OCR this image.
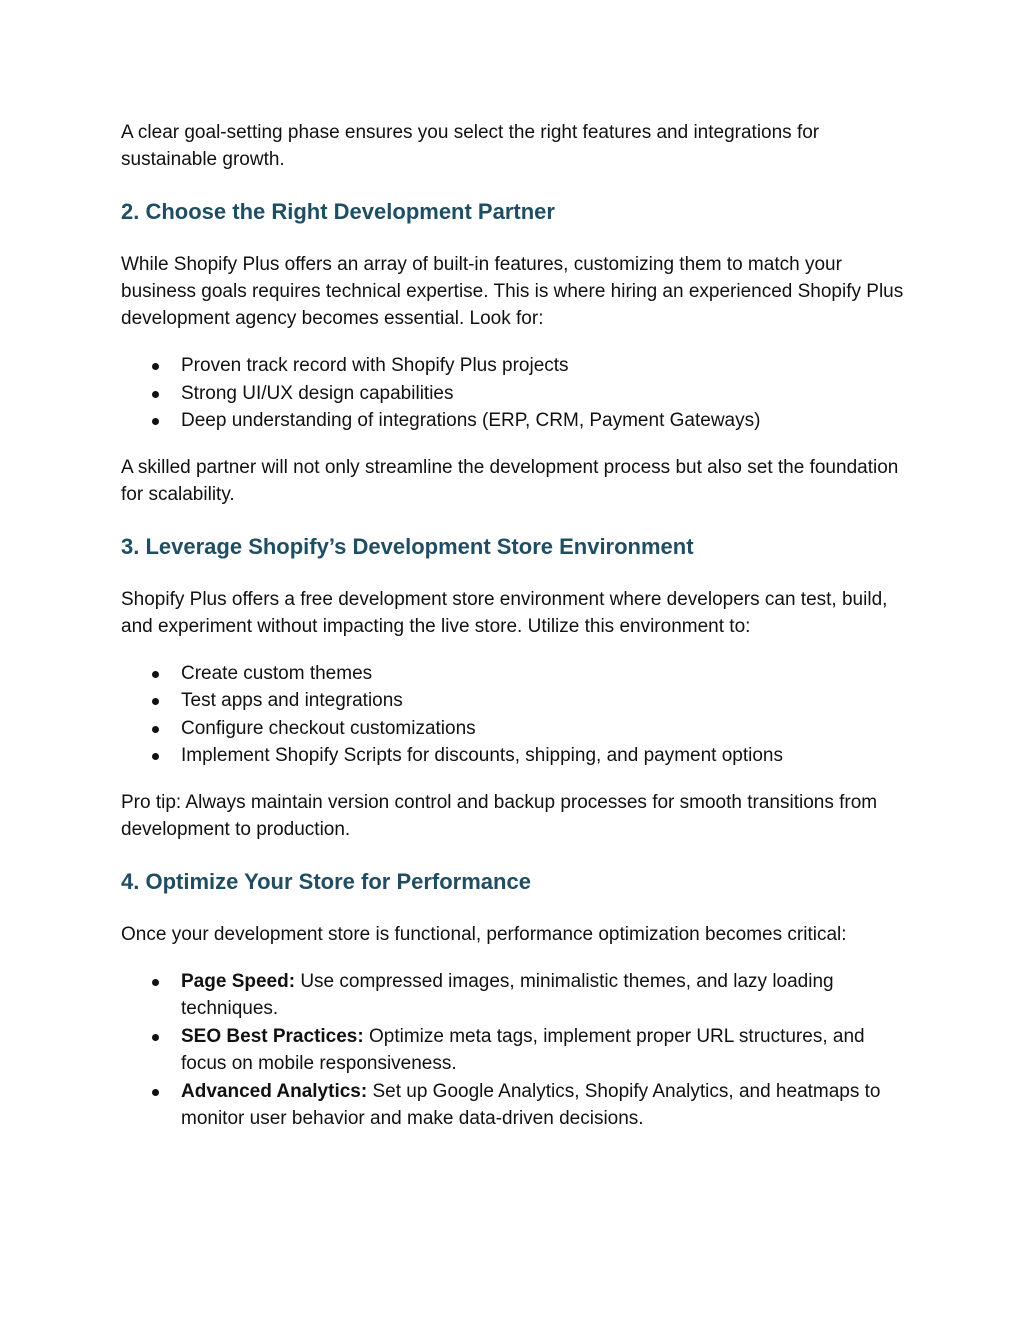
A clear goal-setting phase ensures you select the right features and integrations for sustainable growth.

2. Choose the Right Development Partner

While Shopify Plus offers an array of built-in features, customizing them to match your business goals requires technical expertise. This is where hiring an experienced Shopify Plus development agency becomes essential. Look for:

Proven track record with Shopify Plus projects
Strong UI/UX design capabilities
Deep understanding of integrations (ERP, CRM, Payment Gateways)

A skilled partner will not only streamline the development process but also set the foundation for scalability.

3. Leverage Shopify’s Development Store Environment

Shopify Plus offers a free development store environment where developers can test, build, and experiment without impacting the live store. Utilize this environment to:

Create custom themes
Test apps and integrations
Configure checkout customizations
Implement Shopify Scripts for discounts, shipping, and payment options

Pro tip: Always maintain version control and backup processes for smooth transitions from development to production.

4. Optimize Your Store for Performance

Once your development store is functional, performance optimization becomes critical:

Page Speed: Use compressed images, minimalistic themes, and lazy loading techniques.
SEO Best Practices: Optimize meta tags, implement proper URL structures, and focus on mobile responsiveness.
Advanced Analytics: Set up Google Analytics, Shopify Analytics, and heatmaps to monitor user behavior and make data-driven decisions.
